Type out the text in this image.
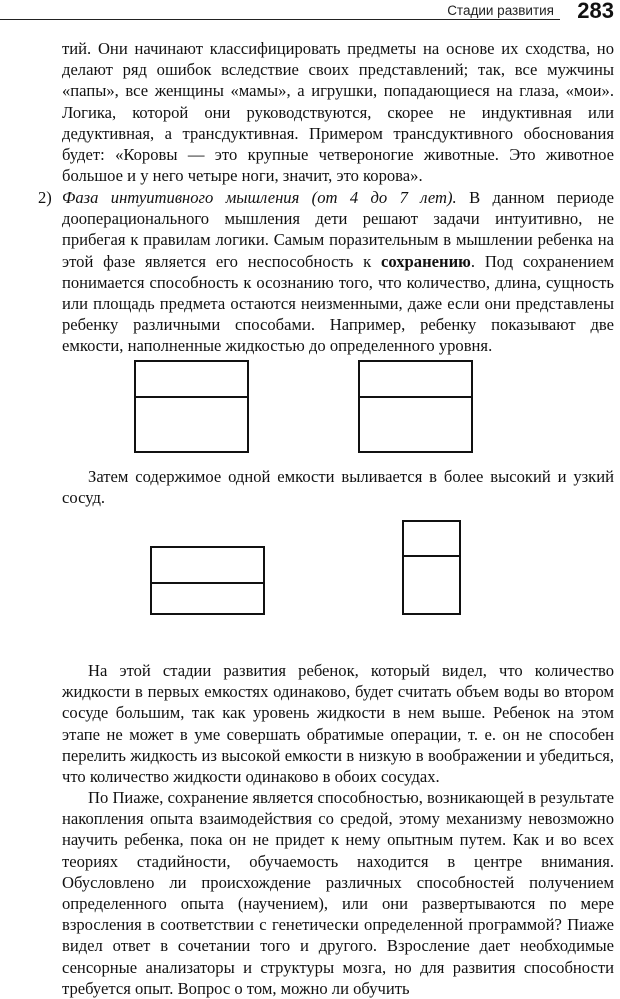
Стадии развития 283

тий. Они начинают классифицировать предметы на основе их сходства, но делают ряд ошибок вследствие своих представлений; так, все мужчины «папы», все женщины «мамы», а игрушки, попадающиеся на глаза, «мои». Логика, которой они руководствуются, скорее не индуктивная или дедуктивная, а трансдуктивная. Примером трансдуктивного обоснования будет: «Коровы — это крупные четвероногие животные. Это животное большое и у него четыре ноги, значит, это корова».

2) Фаза интуитивного мышления (от 4 до 7 лет). В данном периоде дооперационального мышления дети решают задачи интуитивно, не прибегая к правилам логики. Самым поразительным в мышлении ребенка на этой фазе является его неспособность к сохранению. Под сохранением понимается способность к осознанию того, что количество, длина, сущность или площадь предмета остаются неизменными, даже если они представлены ребенку различными способами. Например, ребенку показывают две емкости, наполненные жидкостью до определенного уровня.

Затем содержимое одной емкости выливается в более высокий и узкий сосуд.

На этой стадии развития ребенок, который видел, что количество жидкости в первых емкостях одинаково, будет считать объем воды во втором сосуде большим, так как уровень жидкости в нем выше. Ребенок на этом этапе не может в уме совершать обратимые операции, т. е. он не способен перелить жидкость из высокой емкости в низкую в воображении и убедиться, что количество жидкости одинаково в обоих сосудах.

По Пиаже, сохранение является способностью, возникающей в результате накопления опыта взаимодействия со средой, этому механизму невозможно научить ребенка, пока он не придет к нему опытным путем. Как и во всех теориях стадийности, обучаемость находится в центре внимания. Обусловлено ли происхождение различных способностей получением определенного опыта (научением), или они развертываются по мере взросления в соответствии с генетически определенной программой? Пиаже видел ответ в сочетании того и другого. Взросление дает необходимые сенсорные анализаторы и структуры мозга, но для развития способности требуется опыт. Вопрос о том, можно ли обучить
